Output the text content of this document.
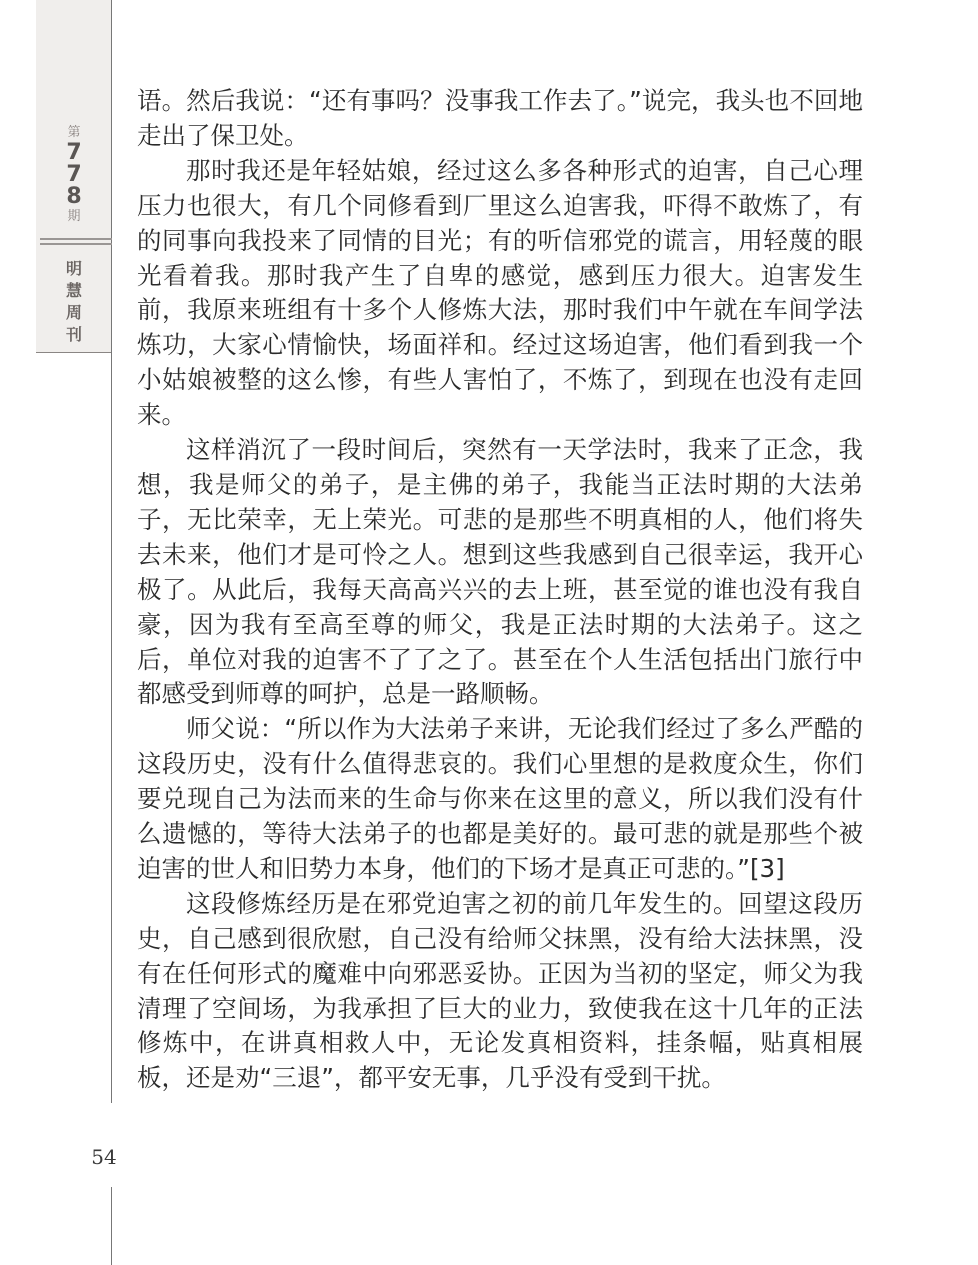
第
7
7
8
期
明
慧
周
刊
54

语。然后我说：“还有事吗？没事我工作去了。”说完，我头也不回地走出了保卫处。

那时我还是年轻姑娘，经过这么多各种形式的迫害，自己心理压力也很大，有几个同修看到厂里这么迫害我，吓得不敢炼了，有的同事向我投来了同情的目光；有的听信邪党的谎言，用轻蔑的眼光看着我。那时我产生了自卑的感觉，感到压力很大。迫害发生前，我原来班组有十多个人修炼大法，那时我们中午就在车间学法炼功，大家心情愉快，场面祥和。经过这场迫害，他们看到我一个小姑娘被整的这么惨，有些人害怕了，不炼了，到现在也没有走回来。

这样消沉了一段时间后，突然有一天学法时，我来了正念，我想，我是师父的弟子，是主佛的弟子，我能当正法时期的大法弟子，无比荣幸，无上荣光。可悲的是那些不明真相的人，他们将失去未来，他们才是可怜之人。想到这些我感到自己很幸运，我开心极了。从此后，我每天高高兴兴的去上班，甚至觉的谁也没有我自豪，因为我有至高至尊的师父，我是正法时期的大法弟子。这之后，单位对我的迫害不了了之了。甚至在个人生活包括出门旅行中都感受到师尊的呵护，总是一路顺畅。

师父说：“所以作为大法弟子来讲，无论我们经过了多么严酷的这段历史，没有什么值得悲哀的。我们心里想的是救度众生，你们要兑现自己为法而来的生命与你来在这里的意义，所以我们没有什么遗憾的，等待大法弟子的也都是美好的。最可悲的就是那些个被迫害的世人和旧势力本身，他们的下场才是真正可悲的。”[3]

这段修炼经历是在邪党迫害之初的前几年发生的。回望这段历史，自己感到很欣慰，自己没有给师父抹黑，没有给大法抹黑，没有在任何形式的魔难中向邪恶妥协。正因为当初的坚定，师父为我清理了空间场，为我承担了巨大的业力，致使我在这十几年的正法修炼中，在讲真相救人中，无论发真相资料，挂条幅，贴真相展板，还是劝“三退”，都平安无事，几乎没有受到干扰。
